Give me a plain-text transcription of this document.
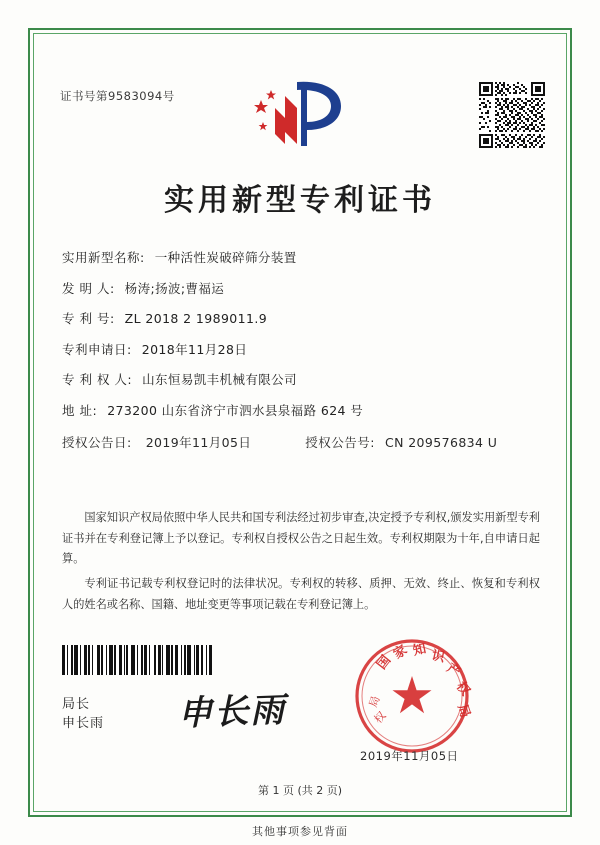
证书号第9583094号
实用新型专利证书
实用新型名称: 一种活性炭破碎筛分装置
发 明 人: 杨涛;扬波;曹福运
专 利 号: ZL 2018 2 1989011.9
专利申请日: 2018年11月28日
专 利 权 人: 山东恒易凯丰机械有限公司
地 址: 273200 山东省济宁市泗水县泉福路 624 号
授权公告日: 2019年11月05日	授权公告号: CN 209576834 U

国家知识产权局依照中华人民共和国专利法经过初步审查,决定授予专利权,颁发实用新型专利证书并在专利登记簿上予以登记。专利权自授权公告之日起生效。专利权期限为十年,自申请日起算。

专利证书记载专利权登记时的法律状况。专利权的转移、质押、无效、终止、恢复和专利权人的姓名或名称、国籍、地址变更等事项记载在专利登记簿上。

局长
申长雨 申长雨
国
家 知 识
产
权
局
局
权
2019年11月05日
第 1 页 (共 2 页)
其他事项参见背面
